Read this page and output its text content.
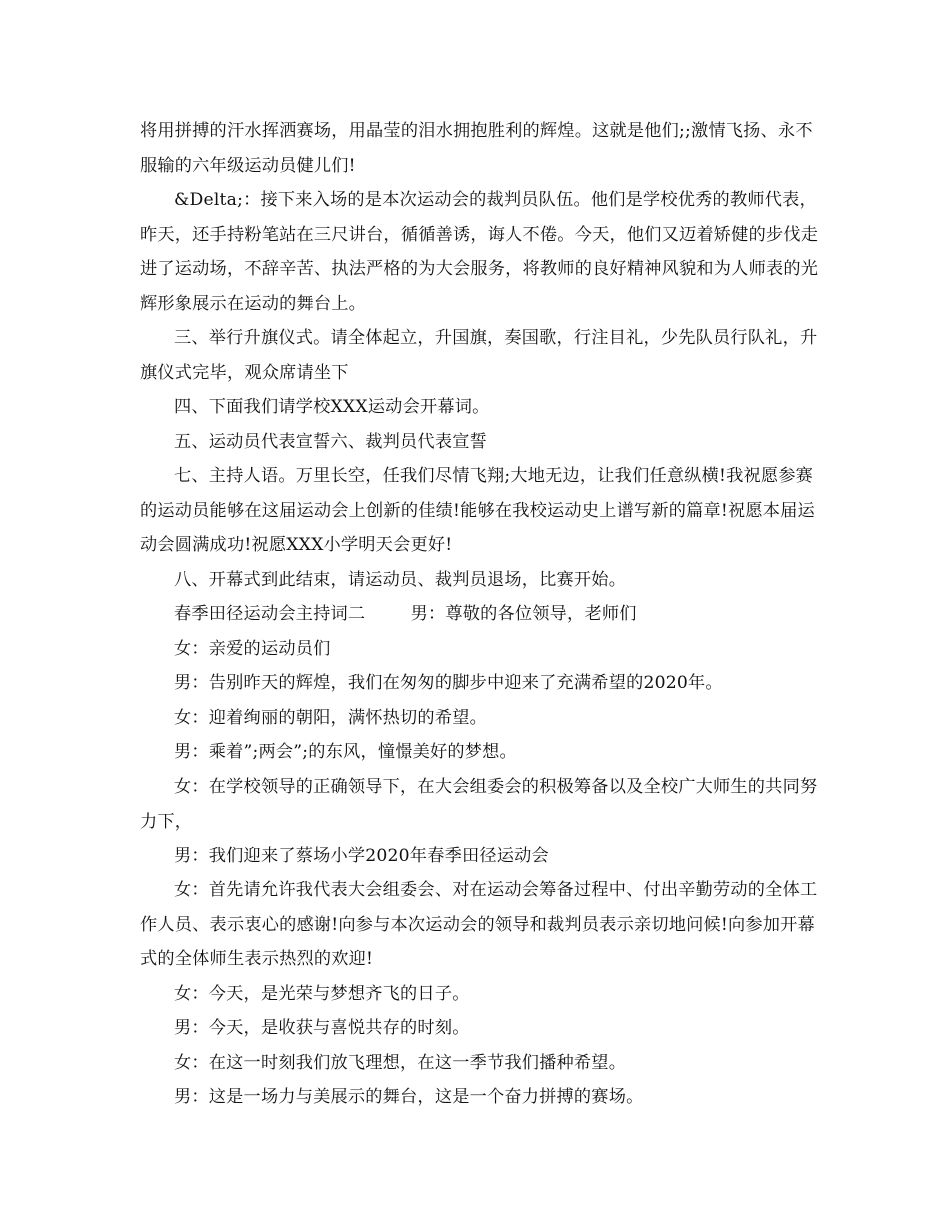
将用拼搏的汗水挥洒赛场，用晶莹的泪水拥抱胜利的辉煌。这就是他们;;激情飞扬、永不服输的六年级运动员健儿们!

&Delta;：接下来入场的是本次运动会的裁判员队伍。他们是学校优秀的教师代表，昨天，还手持粉笔站在三尺讲台，循循善诱，诲人不倦。今天，他们又迈着矫健的步伐走进了运动场，不辞辛苦、执法严格的为大会服务，将教师的良好精神风貌和为人师表的光辉形象展示在运动的舞台上。

三、举行升旗仪式。请全体起立，升国旗，奏国歌，行注目礼，少先队员行队礼，升旗仪式完毕，观众席请坐下

四、下面我们请学校XXX运动会开幕词。

五、运动员代表宣誓六、裁判员代表宣誓

七、主持人语。万里长空，任我们尽情飞翔;大地无边，让我们任意纵横!我祝愿参赛的运动员能够在这届运动会上创新的佳绩!能够在我校运动史上谱写新的篇章!祝愿本届运动会圆满成功!祝愿XXX小学明天会更好!

八、开幕式到此结束，请运动员、裁判员退场，比赛开始。

春季田径运动会主持词二        男：尊敬的各位领导，老师们

女：亲爱的运动员们

男：告别昨天的辉煌，我们在匆匆的脚步中迎来了充满希望的2020年。

女：迎着绚丽的朝阳，满怀热切的希望。

男：乘着”;两会”;的东风，憧憬美好的梦想。

女：在学校领导的正确领导下，在大会组委会的积极筹备以及全校广大师生的共同努力下，

男：我们迎来了蔡场小学2020年春季田径运动会

女：首先请允许我代表大会组委会、对在运动会筹备过程中、付出辛勤劳动的全体工作人员、表示衷心的感谢!向参与本次运动会的领导和裁判员表示亲切地问候!向参加开幕式的全体师生表示热烈的欢迎!

女：今天，是光荣与梦想齐飞的日子。

男：今天，是收获与喜悦共存的时刻。

女：在这一时刻我们放飞理想，在这一季节我们播种希望。

男：这是一场力与美展示的舞台，这是一个奋力拼搏的赛场。
